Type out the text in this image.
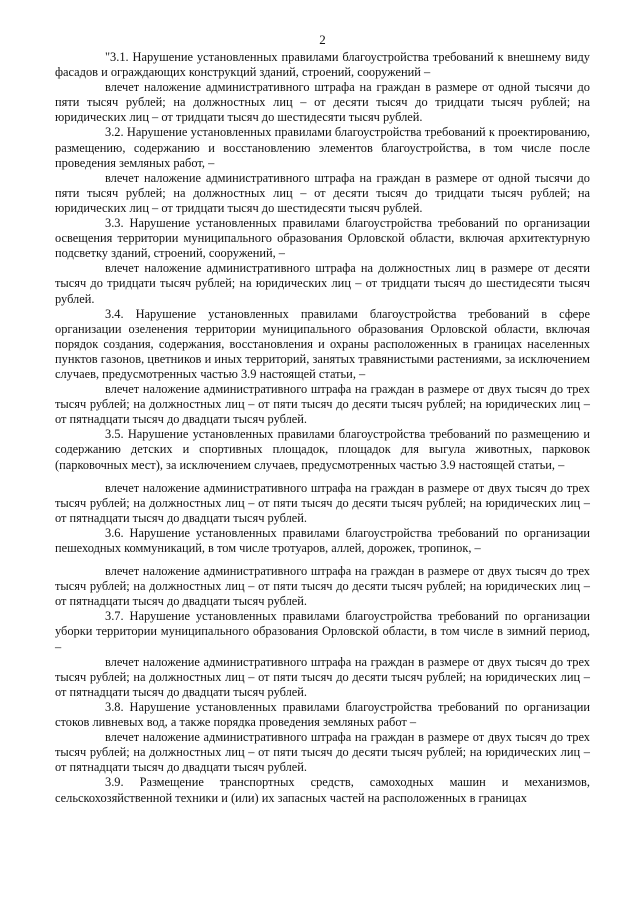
2

"3.1. Нарушение установленных правилами благоустройства требований к внешнему виду фасадов и ограждающих конструкций зданий, строений, сооружений –

влечет наложение административного штрафа на граждан в размере от одной тысячи до пяти тысяч рублей; на должностных лиц – от десяти тысяч до тридцати тысяч рублей; на юридических лиц – от тридцати тысяч до шестидесяти тысяч рублей.

3.2. Нарушение установленных правилами благоустройства требований к проектированию, размещению, содержанию и восстановлению элементов благоустройства, в том числе после проведения земляных работ, –

влечет наложение административного штрафа на граждан в размере от одной тысячи до пяти тысяч рублей; на должностных лиц – от десяти тысяч до тридцати тысяч рублей; на юридических лиц – от тридцати тысяч до шестидесяти тысяч рублей.

3.3. Нарушение установленных правилами благоустройства требований по организации освещения территории муниципального образования Орловской области, включая архитектурную подсветку зданий, строений, сооружений, –

влечет наложение административного штрафа на должностных лиц в размере от десяти тысяч до тридцати тысяч рублей; на юридических лиц – от тридцати тысяч до шестидесяти тысяч рублей.

3.4. Нарушение установленных правилами благоустройства требований в сфере организации озеленения территории муниципального образования Орловской области, включая порядок создания, содержания, восстановления и охраны расположенных в границах населенных пунктов газонов, цветников и иных территорий, занятых травянистыми растениями, за исключением случаев, предусмотренных частью 3.9 настоящей статьи, –

влечет наложение административного штрафа на граждан в размере от двух тысяч до трех тысяч рублей; на должностных лиц – от пяти тысяч до десяти тысяч рублей; на юридических лиц – от пятнадцати тысяч до двадцати тысяч рублей.

3.5. Нарушение установленных правилами благоустройства требований по размещению и содержанию детских и спортивных площадок, площадок для выгула животных, парковок (парковочных мест), за исключением случаев, предусмотренных частью 3.9 настоящей статьи, –

влечет наложение административного штрафа на граждан в размере от двух тысяч до трех тысяч рублей; на должностных лиц – от пяти тысяч до десяти тысяч рублей; на юридических лиц – от пятнадцати тысяч до двадцати тысяч рублей.

3.6. Нарушение установленных правилами благоустройства требований по организации пешеходных коммуникаций, в том числе тротуаров, аллей, дорожек, тропинок, –

влечет наложение административного штрафа на граждан в размере от двух тысяч до трех тысяч рублей; на должностных лиц – от пяти тысяч до десяти тысяч рублей; на юридических лиц – от пятнадцати тысяч до двадцати тысяч рублей.

3.7. Нарушение установленных правилами благоустройства требований по организации уборки территории муниципального образования Орловской области, в том числе в зимний период, –

влечет наложение административного штрафа на граждан в размере от двух тысяч до трех тысяч рублей; на должностных лиц – от пяти тысяч до десяти тысяч рублей; на юридических лиц – от пятнадцати тысяч до двадцати тысяч рублей.

3.8. Нарушение установленных правилами благоустройства требований по организации стоков ливневых вод, а также порядка проведения земляных работ –

влечет наложение административного штрафа на граждан в размере от двух тысяч до трех тысяч рублей; на должностных лиц – от пяти тысяч до десяти тысяч рублей; на юридических лиц – от пятнадцати тысяч до двадцати тысяч рублей.

3.9. Размещение транспортных средств, самоходных машин и механизмов, сельскохозяйственной техники и (или) их запасных частей на расположенных в границах
